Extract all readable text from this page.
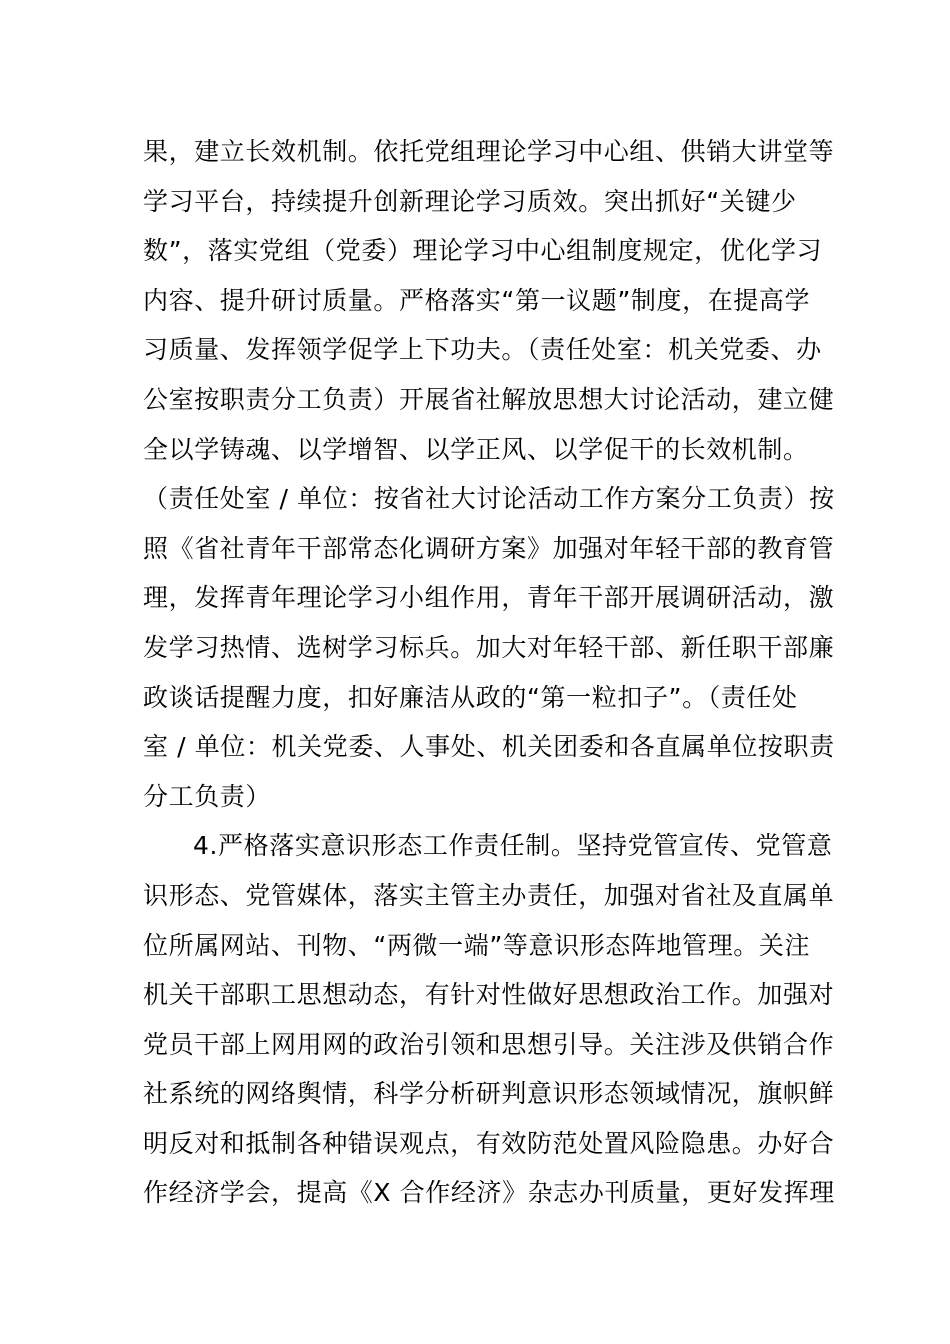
果，建立长效机制。依托党组理论学习中心组、供销大讲堂等
学习平台，持续提升创新理论学习质效。突出抓好“关键少
数”，落实党组（党委）理论学习中心组制度规定，优化学习
内容、提升研讨质量。严格落实“第一议题”制度，在提高学
习质量、发挥领学促学上下功夫。（责任处室：机关党委、办
公室按职责分工负责）开展省社解放思想大讨论活动，建立健
全以学铸魂、以学增智、以学正风、以学促干的长效机制。
（责任处室 / 单位：按省社大讨论活动工作方案分工负责）按
照《省社青年干部常态化调研方案》加强对年轻干部的教育管
理，发挥青年理论学习小组作用，青年干部开展调研活动，激
发学习热情、选树学习标兵。加大对年轻干部、新任职干部廉
政谈话提醒力度，扣好廉洁从政的“第一粒扣子”。（责任处
室 / 单位：机关党委、人事处、机关团委和各直属单位按职责
分工负责）
4.严格落实意识形态工作责任制。坚持党管宣传、党管意
识形态、党管媒体，落实主管主办责任，加强对省社及直属单
位所属网站、刊物、“两微一端”等意识形态阵地管理。关注
机关干部职工思想动态，有针对性做好思想政治工作。加强对
党员干部上网用网的政治引领和思想引导。关注涉及供销合作
社系统的网络舆情，科学分析研判意识形态领域情况，旗帜鲜
明反对和抵制各种错误观点，有效防范处置风险隐患。办好合
作经济学会，提高《X 合作经济》杂志办刊质量，更好发挥理
